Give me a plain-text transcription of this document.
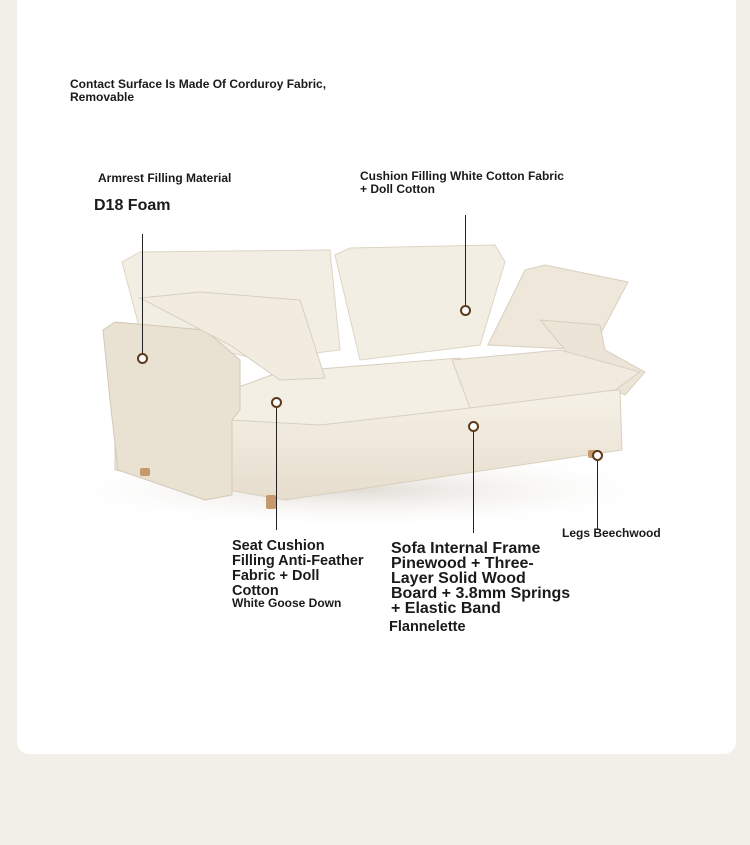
Contact Surface Is Made Of Corduroy Fabric, Removable

Armrest Filling Material

D18 Foam

Cushion Filling White Cotton Fabric + Doll Cotton

Seat Cushion Filling Anti-Feather Fabric + Doll Cotton

White Goose Down

Sofa Internal Frame Pinewood + Three-Layer Solid Wood Board + 3.8mm Springs + Elastic Band

Flannelette

Legs Beechwood
